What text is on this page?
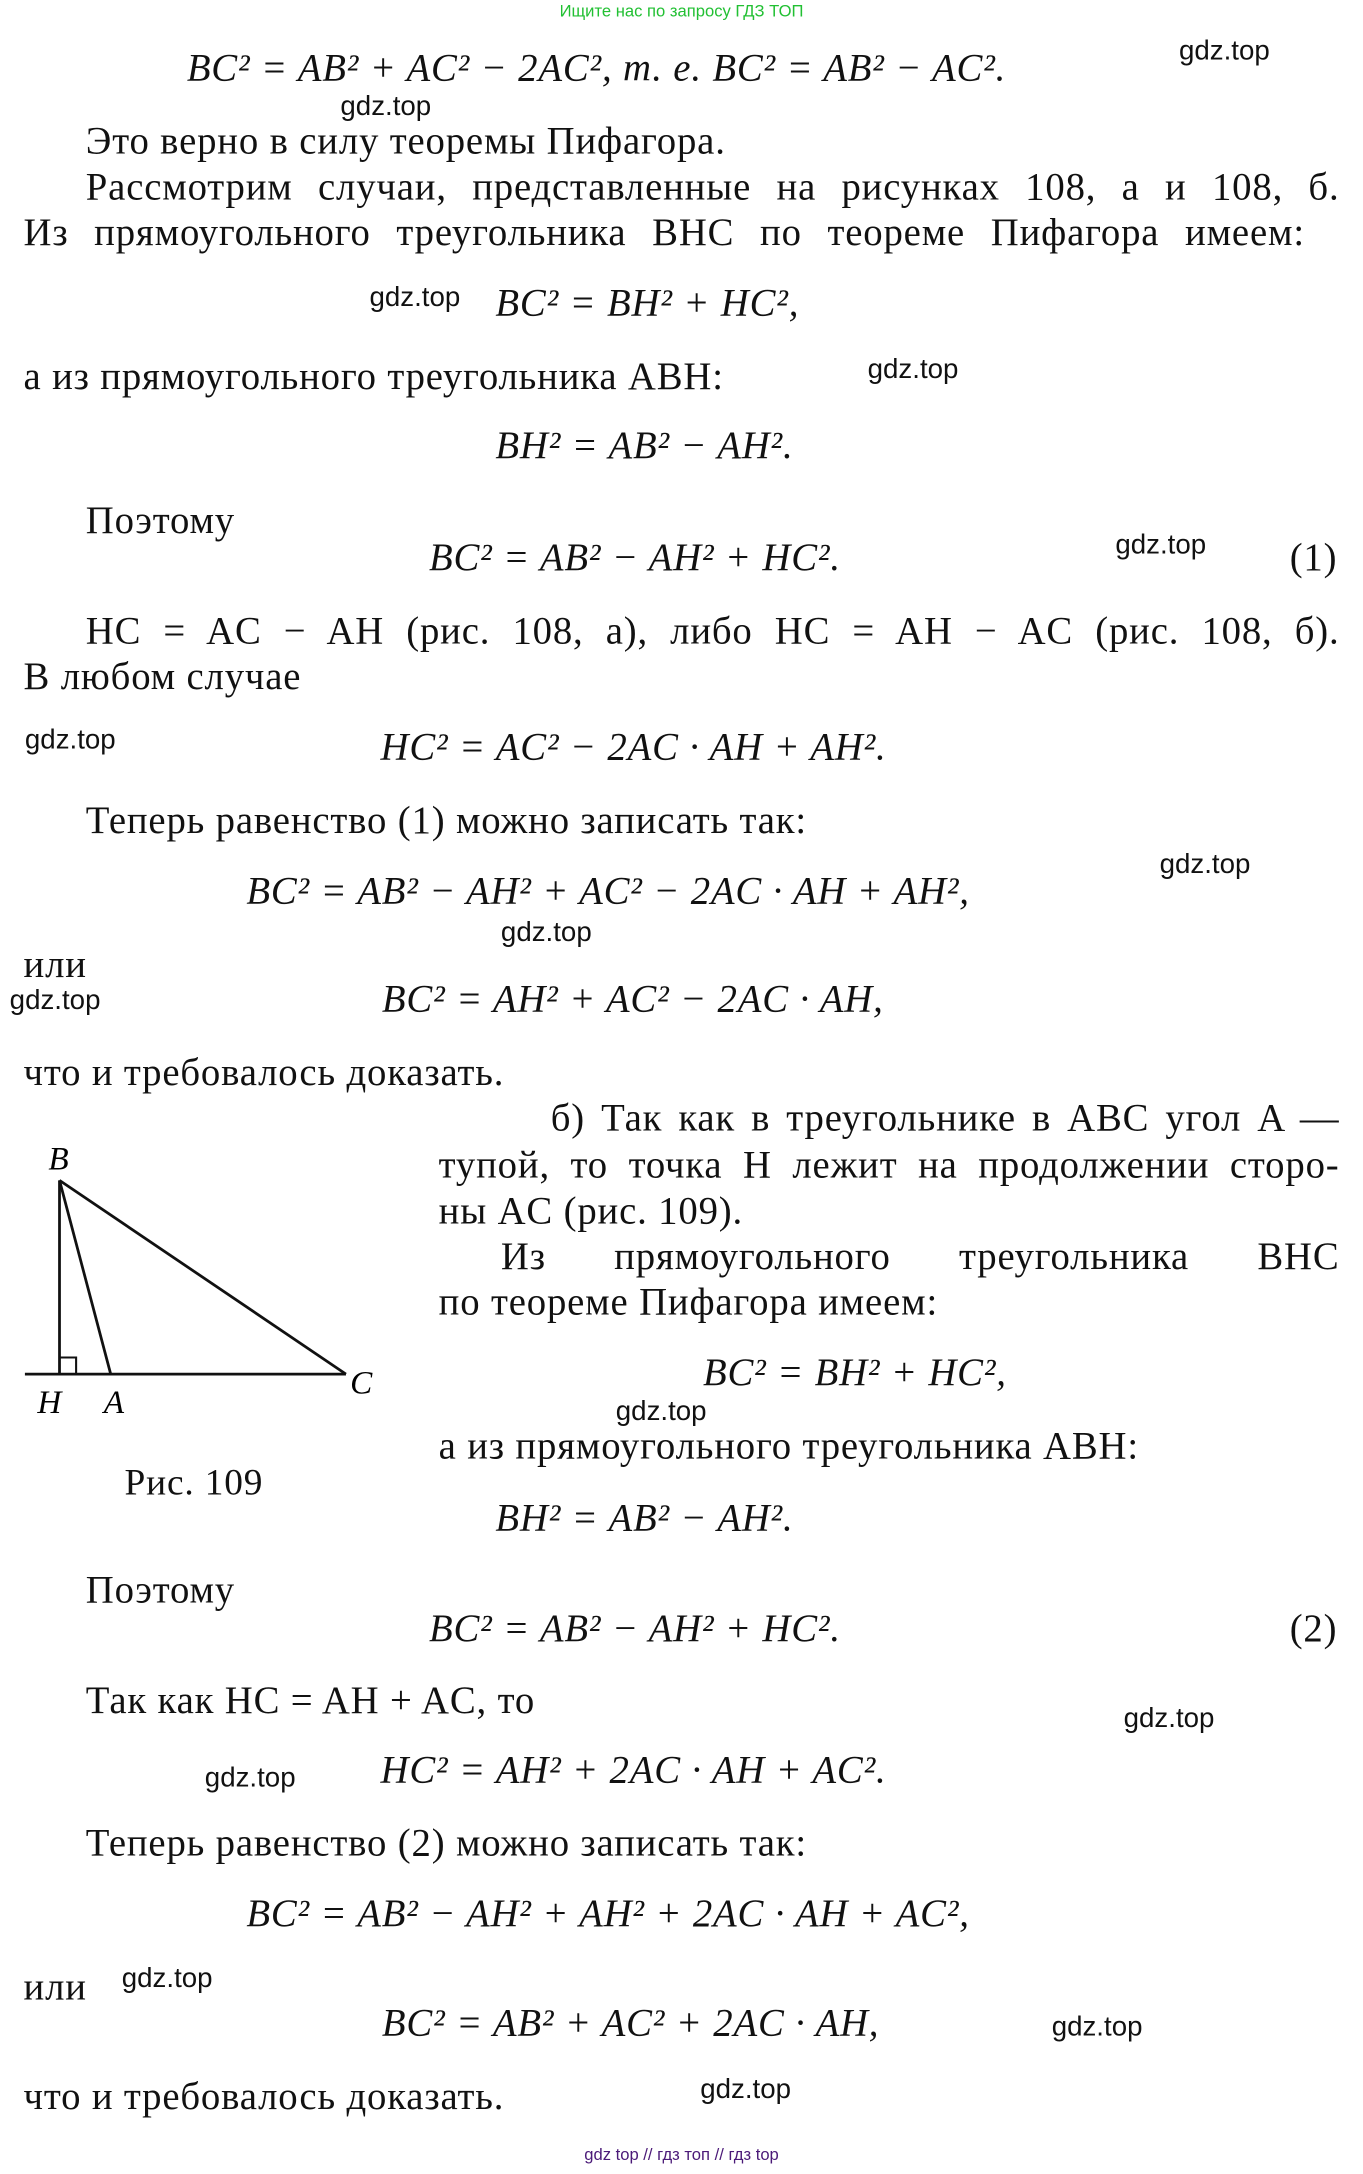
Ищите нас по запросу ГДЗ ТОП
BC² = AB² + AC² − 2AC², т. е. BC² = AB² − AC².
Это верно в силу теоремы Пифагора.
Рассмотрим случаи, представленные на рисунках 108, а и 108, б.
Из прямоугольного треугольника BHC по теореме Пифагора имеем:
BC² = BH² + HC²,
а из прямоугольного треугольника ABH:
BH² = AB² − AH².
Поэтому
BC² = AB² − AH² + HC².	(1)
HC = AC − AH (рис. 108, а), либо HC = AH − AC (рис. 108, б).
В любом случае
HC² = AC² − 2AC · AH + AH².
Теперь равенство (1) можно записать так:
BC² = AB² − AH² + AC² − 2AC · AH + AH²,
или
BC² = AH² + AC² − 2AC · AH,
что и требовалось доказать.
б) Так как в треугольнике в ABC угол A —
тупой, то точка H лежит на продолжении сторо-
ны AC (рис. 109).
Из прямоугольного треугольника BHC
по теореме Пифагора имеем:
BC² = BH² + HC²,
а из прямоугольного треугольника ABH:
BH² = AB² − AH².
B
H A
C
Рис. 109
Поэтому
BC² = AB² − AH² + HC².	(2)
Так как HC = AH + AC, то
HC² = AH² + 2AC · AH + AC².
Теперь равенство (2) можно записать так:
BC² = AB² − AH² + AH² + 2AC · AH + AC²,
или
BC² = AB² + AC² + 2AC · AH,
что и требовалось доказать.
gdz.top
gdz.top
gdz.top
gdz.top
gdz.top
gdz.top
gdz.top
gdz.top
gdz.top
gdz.top
gdz.top
gdz.top
gdz.top
gdz.top
gdz.top
gdz top // гдз топ // гдз top
